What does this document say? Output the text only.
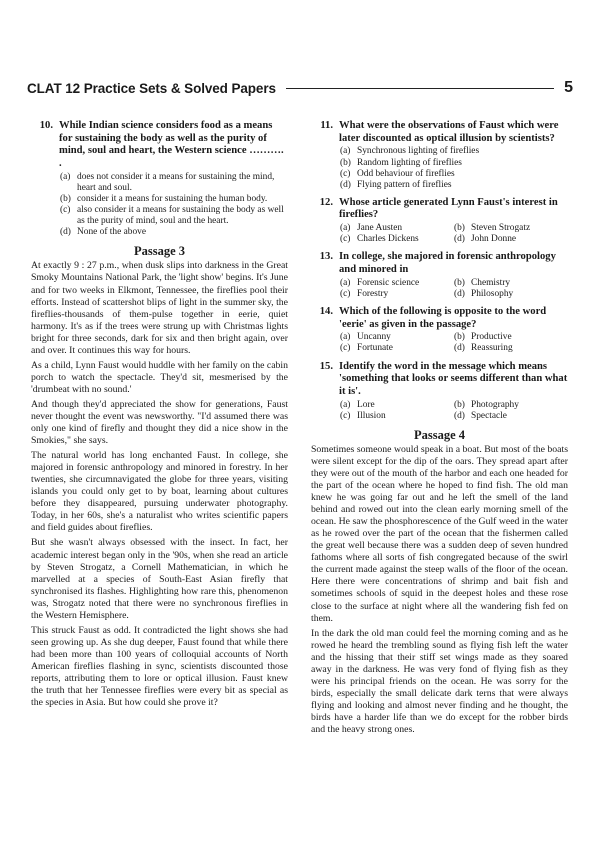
CLAT 12 Practice Sets & Solved Papers	5
10. While Indian science considers food as a means for sustaining the body as well as the purity of mind, soul and heart, the Western science ………. .
(a) does not consider it a means for sustaining the mind, heart and soul.
(b) consider it a means for sustaining the human body.
(c) also consider it a means for sustaining the body as well as the purity of mind, soul and the heart.
(d) None of the above
Passage 3

At exactly 9 : 27 p.m., when dusk slips into darkness in the Great Smoky Mountains National Park, the 'light show' begins. It's June and for two weeks in Elkmont, Tennessee, the fireflies pool their efforts. Instead of scattershot blips of light in the summer sky, the fireflies-thousands of them-pulse together in eerie, quiet harmony. It's as if the trees were strung up with Christmas lights bright for three seconds, dark for six and then bright again, over and over. It continues this way for hours.

As a child, Lynn Faust would huddle with her family on the cabin porch to watch the spectacle. They'd sit, mesmerised by the 'drumbeat with no sound.'

And though they'd appreciated the show for generations, Faust never thought the event was newsworthy. "I'd assumed there was only one kind of firefly and thought they did a nice show in the Smokies," she says.

The natural world has long enchanted Faust. In college, she majored in forensic anthropology and minored in forestry. In her twenties, she circumnavigated the globe for three years, visiting islands you could only get to by boat, learning about cultures before they disappeared, pursuing underwater photography. Today, in her 60s, she's a naturalist who writes scientific papers and field guides about fireflies.

But she wasn't always obsessed with the insect. In fact, her academic interest began only in the '90s, when she read an article by Steven Strogatz, a Cornell Mathematician, in which he marvelled at a species of South-East Asian firefly that synchronised its flashes. Highlighting how rare this, phenomenon was, Strogatz noted that there were no synchronous fireflies in the Western Hemisphere.

This struck Faust as odd. It contradicted the light shows she had seen growing up. As she dug deeper, Faust found that while there had been more than 100 years of colloquial accounts of North American fireflies flashing in sync, scientists discounted those reports, attributing them to lore or optical illusion. Faust knew the truth that her Tennessee fireflies were every bit as special as the species in Asia. But how could she prove it?

11. What were the observations of Faust which were later discounted as optical illusion by scientists?
(a) Synchronous lighting of fireflies
(b) Random lighting of fireflies
(c) Odd behaviour of fireflies
(d) Flying pattern of fireflies
12. Whose article generated Lynn Faust's interest in fireflies?
(a) Jane Austen	(b) Steven Strogatz
(c) Charles Dickens	(d) John Donne
13. In college, she majored in forensic anthropology and minored in
(a) Forensic science	(b) Chemistry
(c) Forestry	(d) Philosophy
14. Which of the following is opposite to the word 'eerie' as given in the passage?
(a) Uncanny	(b) Productive
(c) Fortunate	(d) Reassuring
15. Identify the word in the message which means 'something that looks or seems different than what it is'.
(a) Lore	(b) Photography
(c) Illusion	(d) Spectacle
Passage 4

Sometimes someone would speak in a boat. But most of the boats were silent except for the dip of the oars. They spread apart after they were out of the mouth of the harbor and each one headed for the part of the ocean where he hoped to find fish. The old man knew he was going far out and he left the smell of the land behind and rowed out into the clean early morning smell of the ocean. He saw the phosphorescence of the Gulf weed in the water as he rowed over the part of the ocean that the fishermen called the great well because there was a sudden deep of seven hundred fathoms where all sorts of fish congregated because of the swirl the current made against the steep walls of the floor of the ocean. Here there were concentrations of shrimp and bait fish and sometimes schools of squid in the deepest holes and these rose close to the surface at night where all the wandering fish fed on them.

In the dark the old man could feel the morning coming and as he rowed he heard the trembling sound as flying fish left the water and the hissing that their stiff set wings made as they soared away in the darkness. He was very fond of flying fish as they were his principal friends on the ocean. He was sorry for the birds, especially the small delicate dark terns that were always flying and looking and almost never finding and he thought, the birds have a harder life than we do except for the robber birds and the heavy strong ones.
